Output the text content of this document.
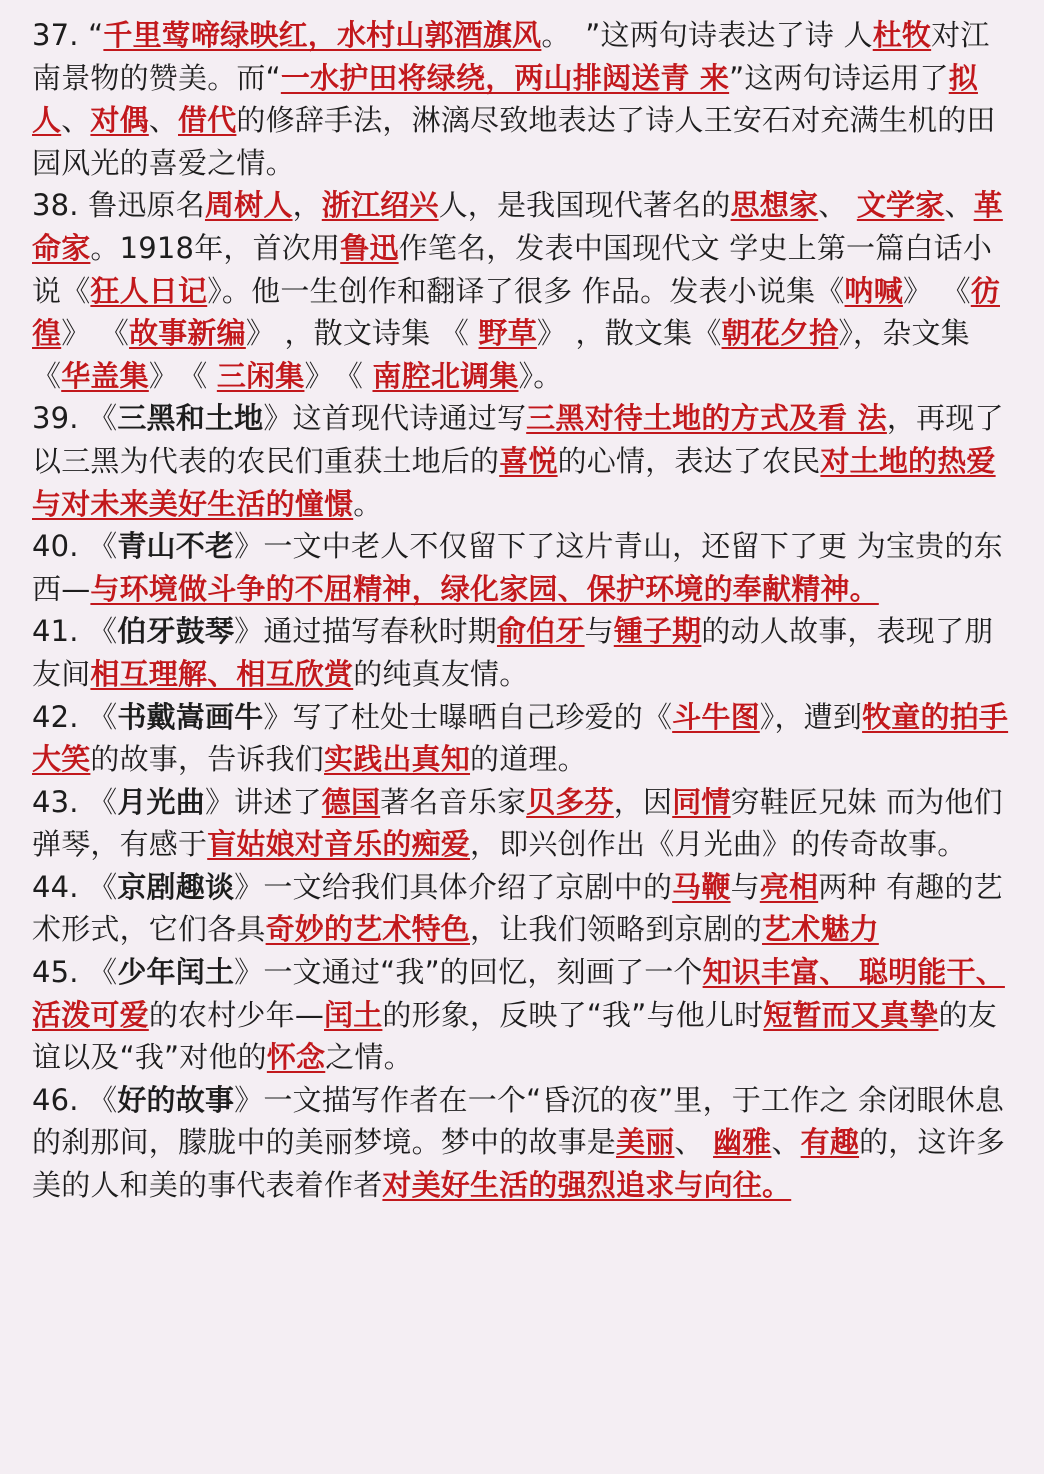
37. “千里莺啼绿映红，水村山郭酒旗风。　”这两句诗表达了诗 人杜牧对江南景物的赞美。而“一水护田将绿绕，两山排闼送青 来”这两句诗运用了拟人、对偶、借代的修辞手法，淋漓尽致地表达了诗人王安石对充满生机的田园风光的喜爱之情。
38. 鲁迅原名周树人，浙江绍兴人，是我国现代著名的思想家、 文学家、革命家。1918年，首次用鲁迅作笔名，发表中国现代文 学史上第一篇白话小说《狂人日记》。他一生创作和翻译了很多 作品。发表小说集《呐喊》 《彷徨》 《故事新编》 ，散文诗集 《 野草》 ，散文集《朝花夕拾》，杂文集《华盖集》　《 三闲集》　《 南腔北调集》。
39. 《三黑和土地》这首现代诗通过写三黑对待土地的方式及看 法，再现了以三黑为代表的农民们重获土地后的喜悦的心情，表达了农民对土地的热爱与对未来美好生活的憧憬。
40. 《青山不老》一文中老人不仅留下了这片青山，还留下了更 为宝贵的东西—与环境做斗争的不屈精神，绿化家园、保护环境的奉献精神。
41. 《伯牙鼓琴》通过描写春秋时期俞伯牙与锺子期的动人故事，表现了朋友间相互理解、相互欣赏的纯真友情。
42. 《书戴嵩画牛》写了杜处士曝晒自己珍爱的《斗牛图》，遭到牧童的拍手大笑的故事，告诉我们实践出真知的道理。
43. 《月光曲》讲述了德国著名音乐家贝多芬，因同情穷鞋匠兄妹 而为他们弹琴，有感于盲姑娘对音乐的痴爱，即兴创作出《月光曲》的传奇故事。
44. 《京剧趣谈》一文给我们具体介绍了京剧中的马鞭与亮相两种 有趣的艺术形式，它们各具奇妙的艺术特色，让我们领略到京剧的艺术魅力
45. 《少年闰土》一文通过“我”的回忆，刻画了一个知识丰富、 聪明能干、活泼可爱的农村少年—闰土的形象，反映了“我”与他儿时短暂而又真挚的友谊以及“我”对他的怀念之情。
46. 《好的故事》一文描写作者在一个“昏沉的夜”里，于工作之 余闭眼休息的刹那间，朦胧中的美丽梦境。梦中的故事是美丽、 幽雅、有趣的，这许多美的人和美的事代表着作者对美好生活的强烈追求与向往。
